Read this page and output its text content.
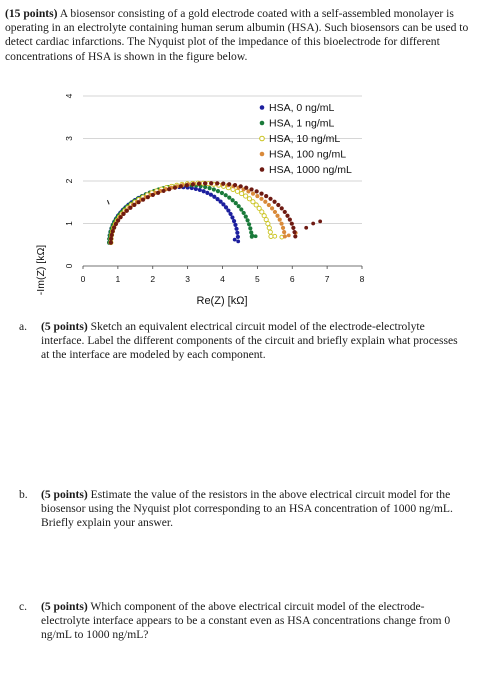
(15 points) A biosensor consisting of a gold electrode coated with a self-assembled monolayer is operating in an electrolyte containing human serum albumin (HSA). Such biosensors can be used to detect cardiac infarctions. The Nyquist plot of the impedance of this bioelectrode for different concentrations of HSA is shown in the figure below.

0	1	2	3	4	5	6	7	8
0
1
2
3
4
HSA, 0 ng/mL
HSA, 1 ng/mL
HSA, 10 ng/mL
HSA, 100 ng/mL
HSA, 1000 ng/mL
Re(Z) [kΩ]
-Im(Z) [kΩ]
a. (5 points) Sketch an equivalent electrical circuit model of the electrode-electrolyte interface. Label the different components of the circuit and briefly explain what processes at the interface are modeled by each component.

b. (5 points) Estimate the value of the resistors in the above electrical circuit model for the biosensor using the Nyquist plot corresponding to an HSA concentration of 1000 ng/mL. Briefly explain your answer.

c. (5 points) Which component of the above electrical circuit model of the electrode-electrolyte interface appears to be a constant even as HSA concentrations change from 0 ng/mL to 1000 ng/mL?
